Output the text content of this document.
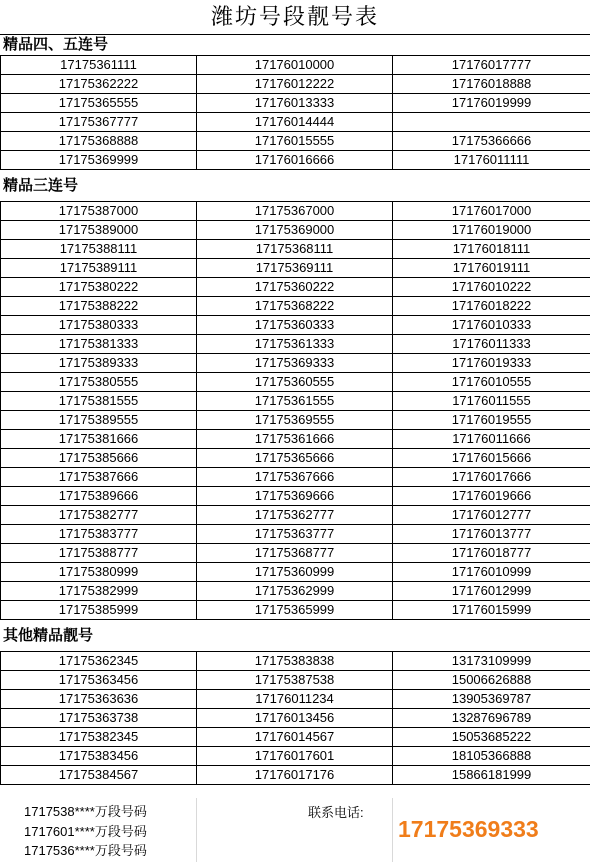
潍坊号段靓号表
精品四、五连号
17175361111	17176010000	17176017777
17175362222	17176012222	17176018888
17175365555	17176013333	17176019999
17175367777	17176014444	
17175368888	17176015555	17175366666
17175369999	17176016666	17176011111
精品三连号
17175387000	17175367000	17176017000
17175389000	17175369000	17176019000
17175388111	17175368111	17176018111
17175389111	17175369111	17176019111
17175380222	17175360222	17176010222
17175388222	17175368222	17176018222
17175380333	17175360333	17176010333
17175381333	17175361333	17176011333
17175389333	17175369333	17176019333
17175380555	17175360555	17176010555
17175381555	17175361555	17176011555
17175389555	17175369555	17176019555
17175381666	17175361666	17176011666
17175385666	17175365666	17176015666
17175387666	17175367666	17176017666
17175389666	17175369666	17176019666
17175382777	17175362777	17176012777
17175383777	17175363777	17176013777
17175388777	17175368777	17176018777
17175380999	17175360999	17176010999
17175382999	17175362999	17176012999
17175385999	17175365999	17176015999
其他精品靓号
17175362345	17175383838	13173109999
17175363456	17175387538	15006626888
17175363636	17176011234	13905369787
17175363738	17176013456	13287696789
17175382345	17176014567	15053685222
17175383456	17176017601	18105366888
17175384567	17176017176	15866181999
1717538****万段号码
1717601****万段号码
1717536****万段号码
联系电话:
17175369333
